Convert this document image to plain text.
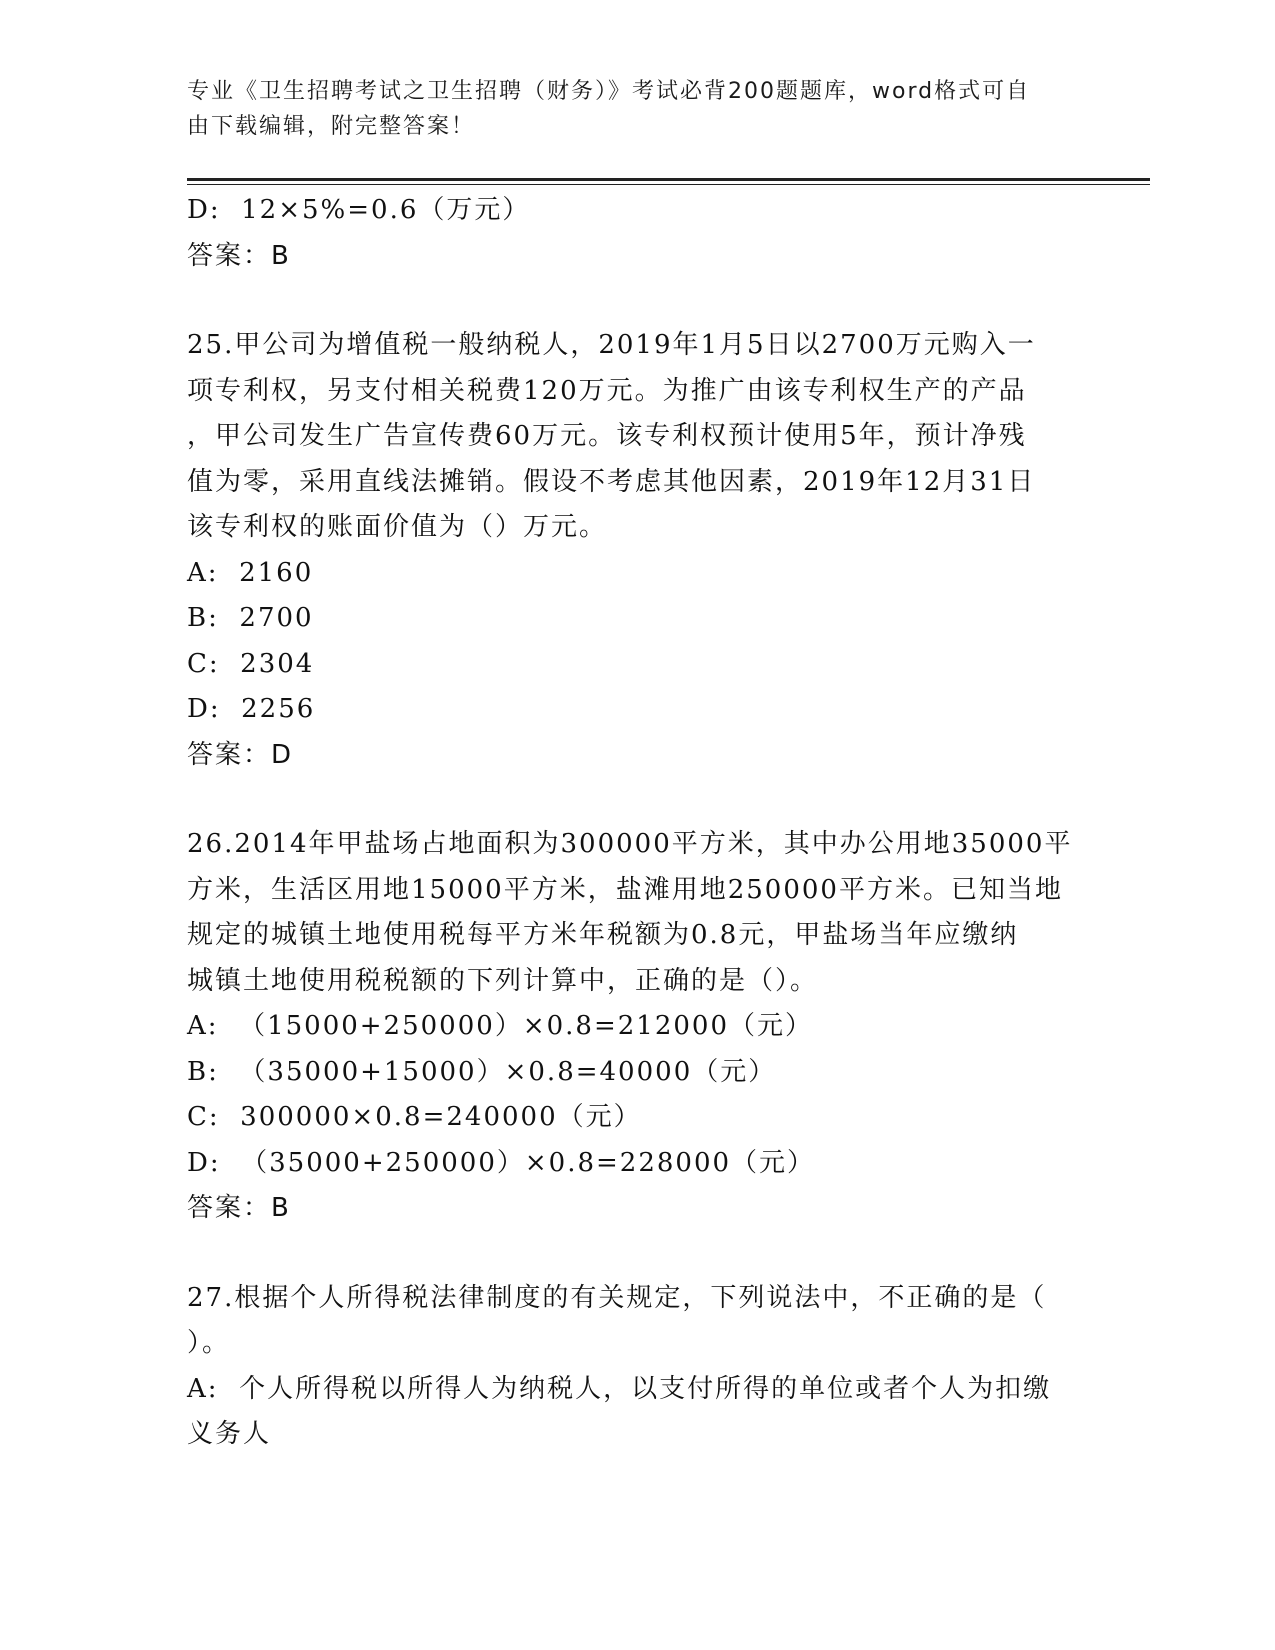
专业《卫生招聘考试之卫生招聘（财务）》考试必背200题题库，word格式可自
由下载编辑，附完整答案！
D:  12×5%=0.6（万元）
答案：B
25.甲公司为增值税一般纳税人，2019年1月5日以2700万元购入一
项专利权，另支付相关税费120万元。为推广由该专利权生产的产品
，甲公司发生广告宣传费60万元。该专利权预计使用5年，预计净残
值为零，采用直线法摊销。假设不考虑其他因素，2019年12月31日
该专利权的账面价值为（）万元。
A:  2160
B:  2700
C:  2304
D:  2256
答案：D
26.2014年甲盐场占地面积为300000平方米，其中办公用地35000平
方米，生活区用地15000平方米，盐滩用地250000平方米。已知当地
规定的城镇土地使用税每平方米年税额为0.8元，甲盐场当年应缴纳
城镇土地使用税税额的下列计算中，正确的是（）。
A:  （15000+250000）×0.8=212000（元）
B:  （35000+15000）×0.8=40000（元）
C:  300000×0.8=240000（元）
D:  （35000+250000）×0.8=228000（元）
答案：B
27.根据个人所得税法律制度的有关规定，下列说法中，不正确的是（
）。
A:  个人所得税以所得人为纳税人，以支付所得的单位或者个人为扣缴
义务人
